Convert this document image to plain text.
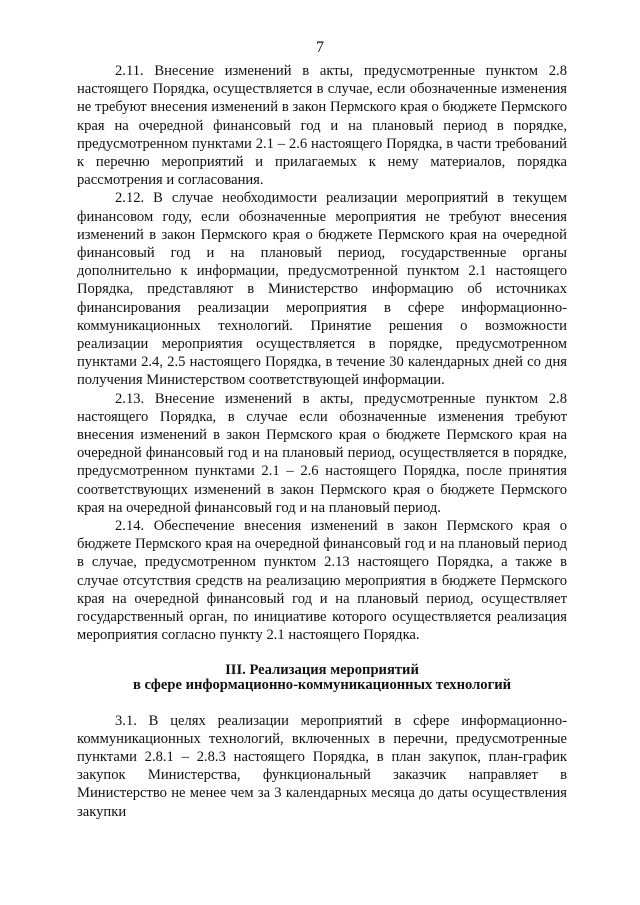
7

2.11. Внесение изменений в акты, предусмотренные пунктом 2.8 настоящего Порядка, осуществляется в случае, если обозначенные изменения не требуют внесения изменений в закон Пермского края о бюджете Пермского края на очередной финансовый год и на плановый период в порядке, предусмотренном пунктами 2.1 – 2.6 настоящего Порядка, в части требований к перечню мероприятий и прилагаемых к нему материалов, порядка рассмотрения и согласования.

2.12. В случае необходимости реализации мероприятий в текущем финансовом году, если обозначенные мероприятия не требуют внесения изменений в закон Пермского края о бюджете Пермского края на очередной финансовый год и на плановый период, государственные органы дополнительно к информации, предусмотренной пунктом 2.1 настоящего Порядка, представляют в Министерство информацию об источниках финансирования реализации мероприятия в сфере информационно-коммуникационных технологий. Принятие решения о возможности реализации мероприятия осуществляется в порядке, предусмотренном пунктами 2.4, 2.5 настоящего Порядка, в течение 30 календарных дней со дня получения Министерством соответствующей информации.

2.13. Внесение изменений в акты, предусмотренные пунктом 2.8 настоящего Порядка, в случае если обозначенные изменения требуют внесения изменений в закон Пермского края о бюджете Пермского края на очередной финансовый год и на плановый период, осуществляется в порядке, предусмотренном пунктами 2.1 – 2.6 настоящего Порядка, после принятия соответствующих изменений в закон Пермского края о бюджете Пермского края на очередной финансовый год и на плановый период.

2.14. Обеспечение внесения изменений в закон Пермского края о бюджете Пермского края на очередной финансовый год и на плановый период в случае, предусмотренном пунктом 2.13 настоящего Порядка, а также в случае отсутствия средств на реализацию мероприятия в бюджете Пермского края на очередной финансовый год и на плановый период, осуществляет государственный орган, по инициативе которого осуществляется реализация мероприятия согласно пункту 2.1 настоящего Порядка.

III. Реализация мероприятий
в сфере информационно-коммуникационных технологий

3.1. В целях реализации мероприятий в сфере информационно-коммуникационных технологий, включенных в перечни, предусмотренные пунктами 2.8.1 – 2.8.3 настоящего Порядка, в план закупок, план-график закупок Министерства, функциональный заказчик направляет в Министерство не менее чем за 3 календарных месяца до даты осуществления закупки
